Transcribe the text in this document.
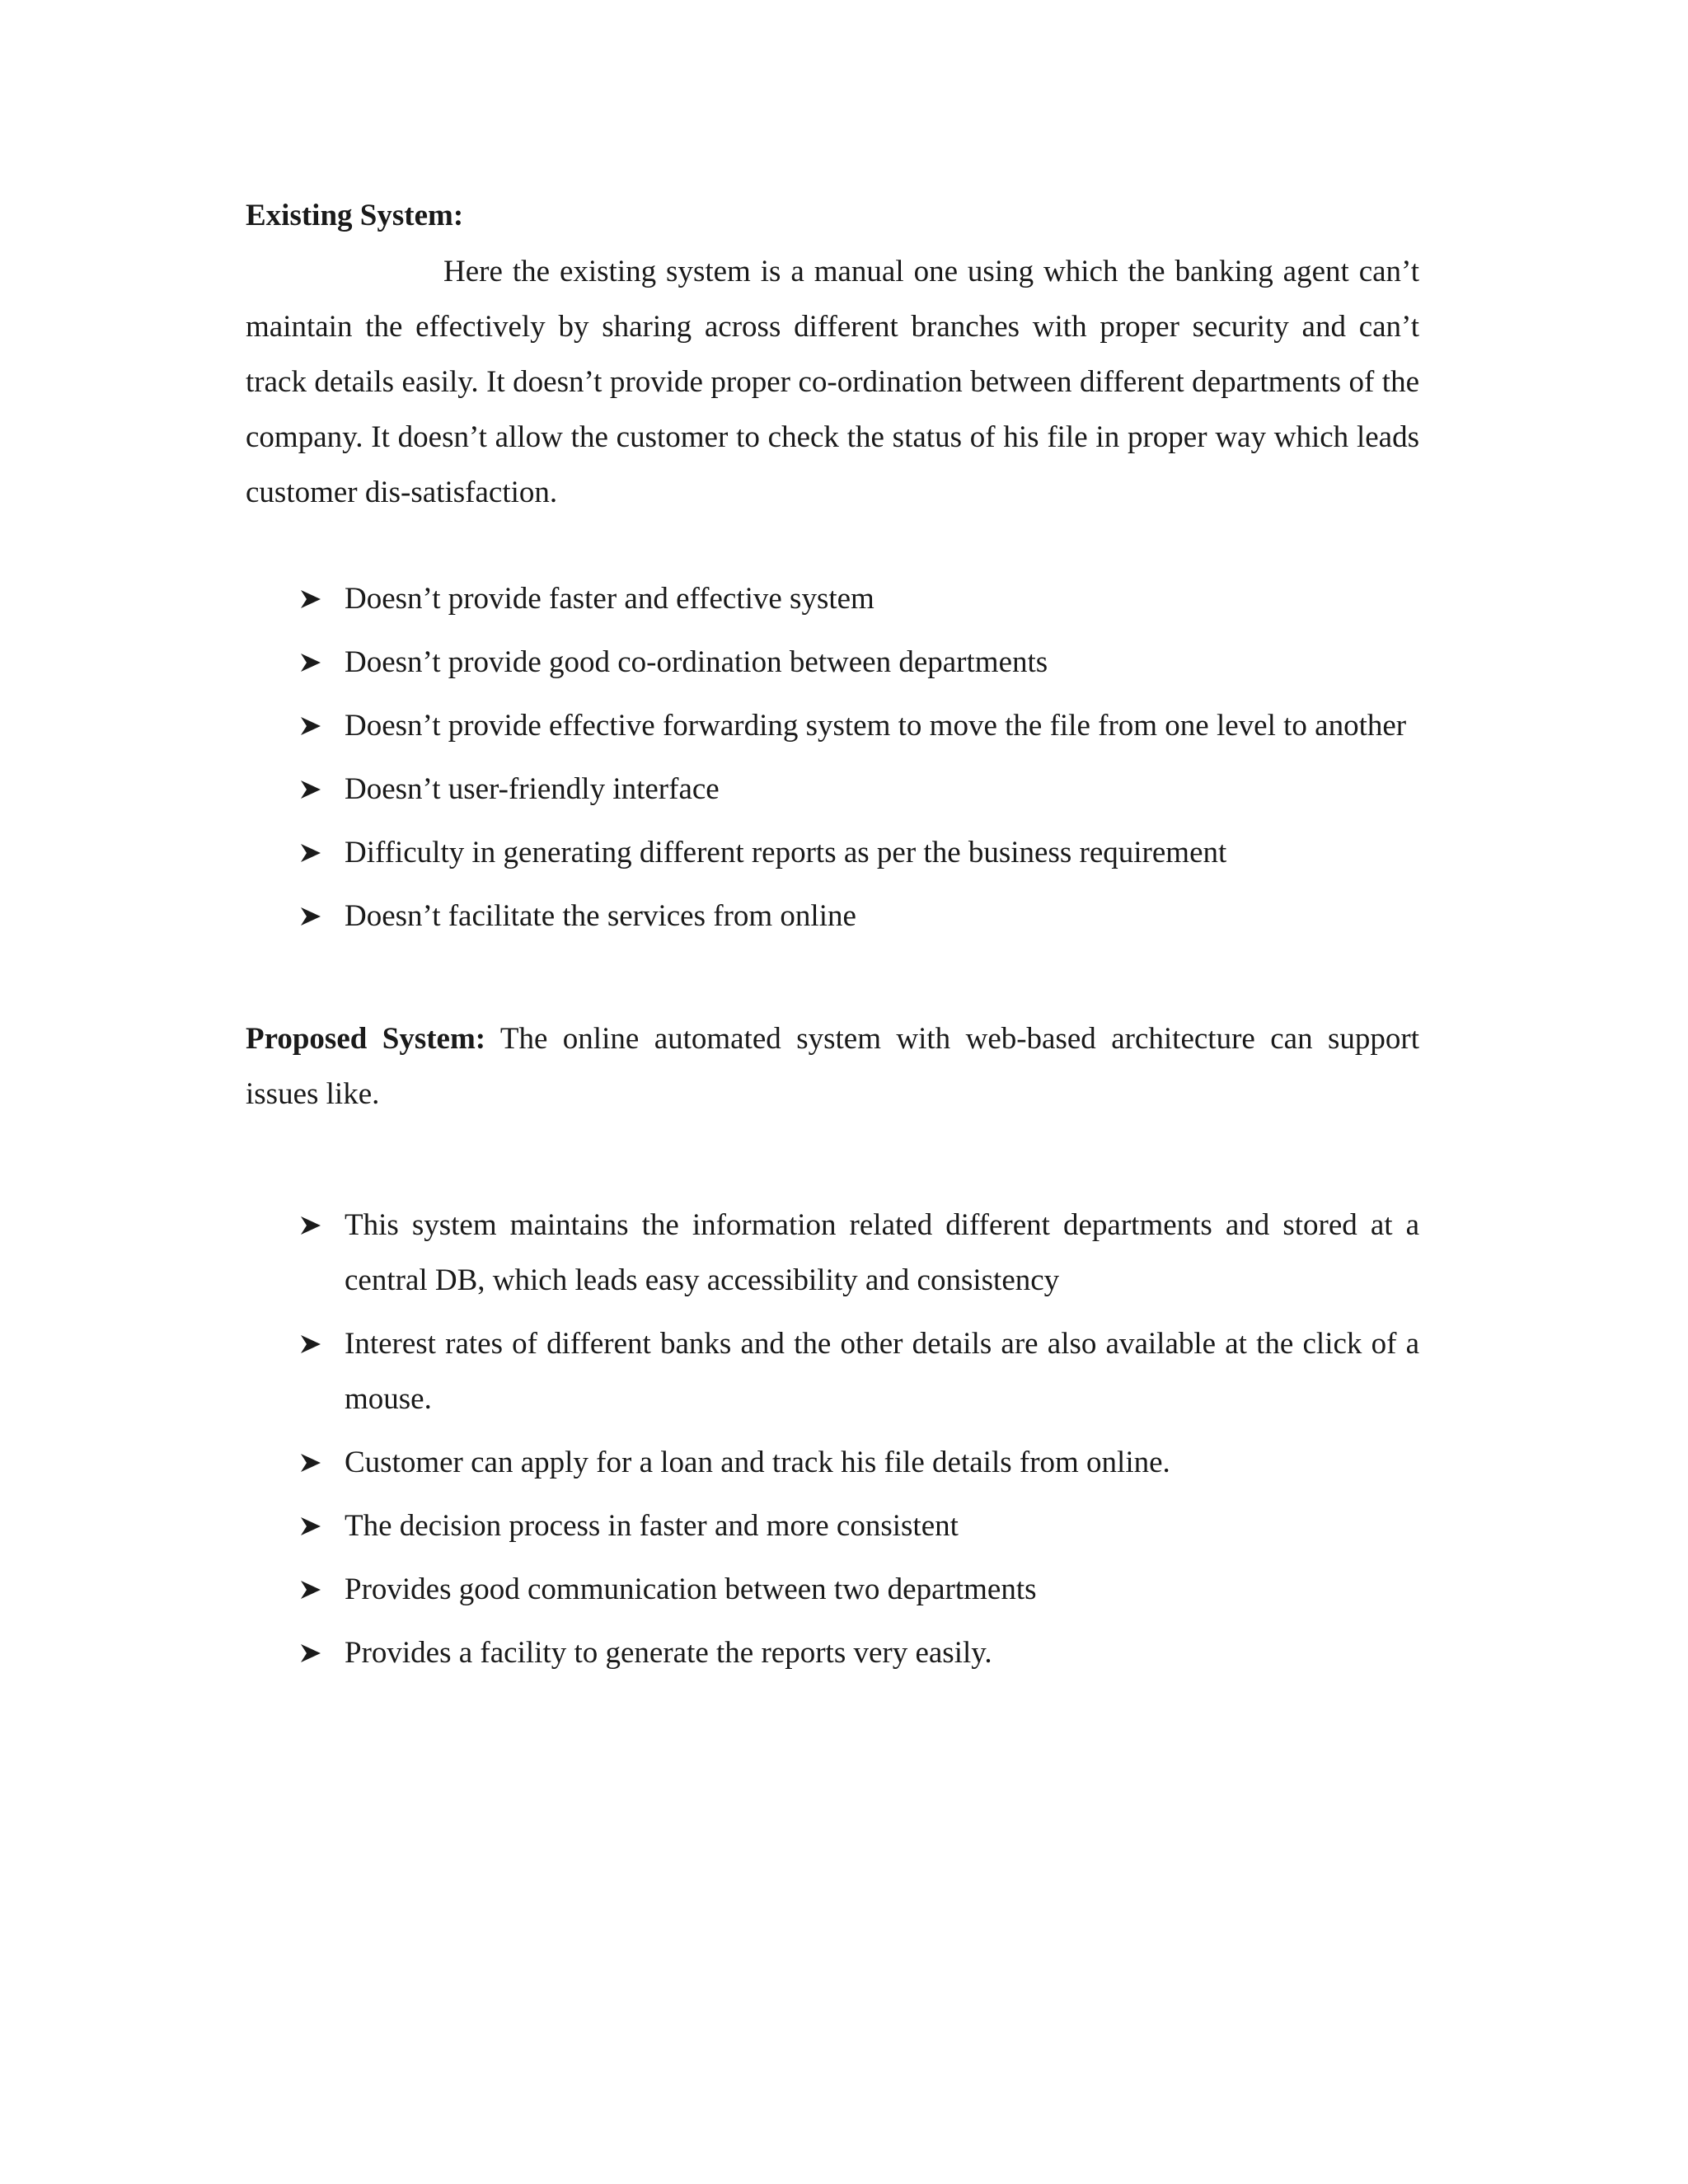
Existing System:

Here the existing system is a manual one using which the banking agent can’t maintain the effectively by sharing across different branches with proper security and can’t track details easily. It doesn’t provide proper co-ordination between different departments of the company. It doesn’t allow the customer to check the status of his file in proper way which leads customer dis-satisfaction.

Doesn’t provide faster and effective system
Doesn’t provide good co-ordination between departments
Doesn’t provide effective forwarding system to move the file from one level to another
Doesn’t user-friendly interface
Difficulty in generating different reports as per the business requirement
Doesn’t facilitate the services from online

Proposed System: The online automated system with web-based architecture can support issues like.

This system maintains the information related different departments and stored at a central DB, which leads easy accessibility and consistency
Interest rates of different banks and the other details are also available at the click of a mouse.
Customer can apply for a loan and track his file details from online.
The decision process in faster and more consistent
Provides good communication between two departments
Provides a facility to generate the reports very easily.
